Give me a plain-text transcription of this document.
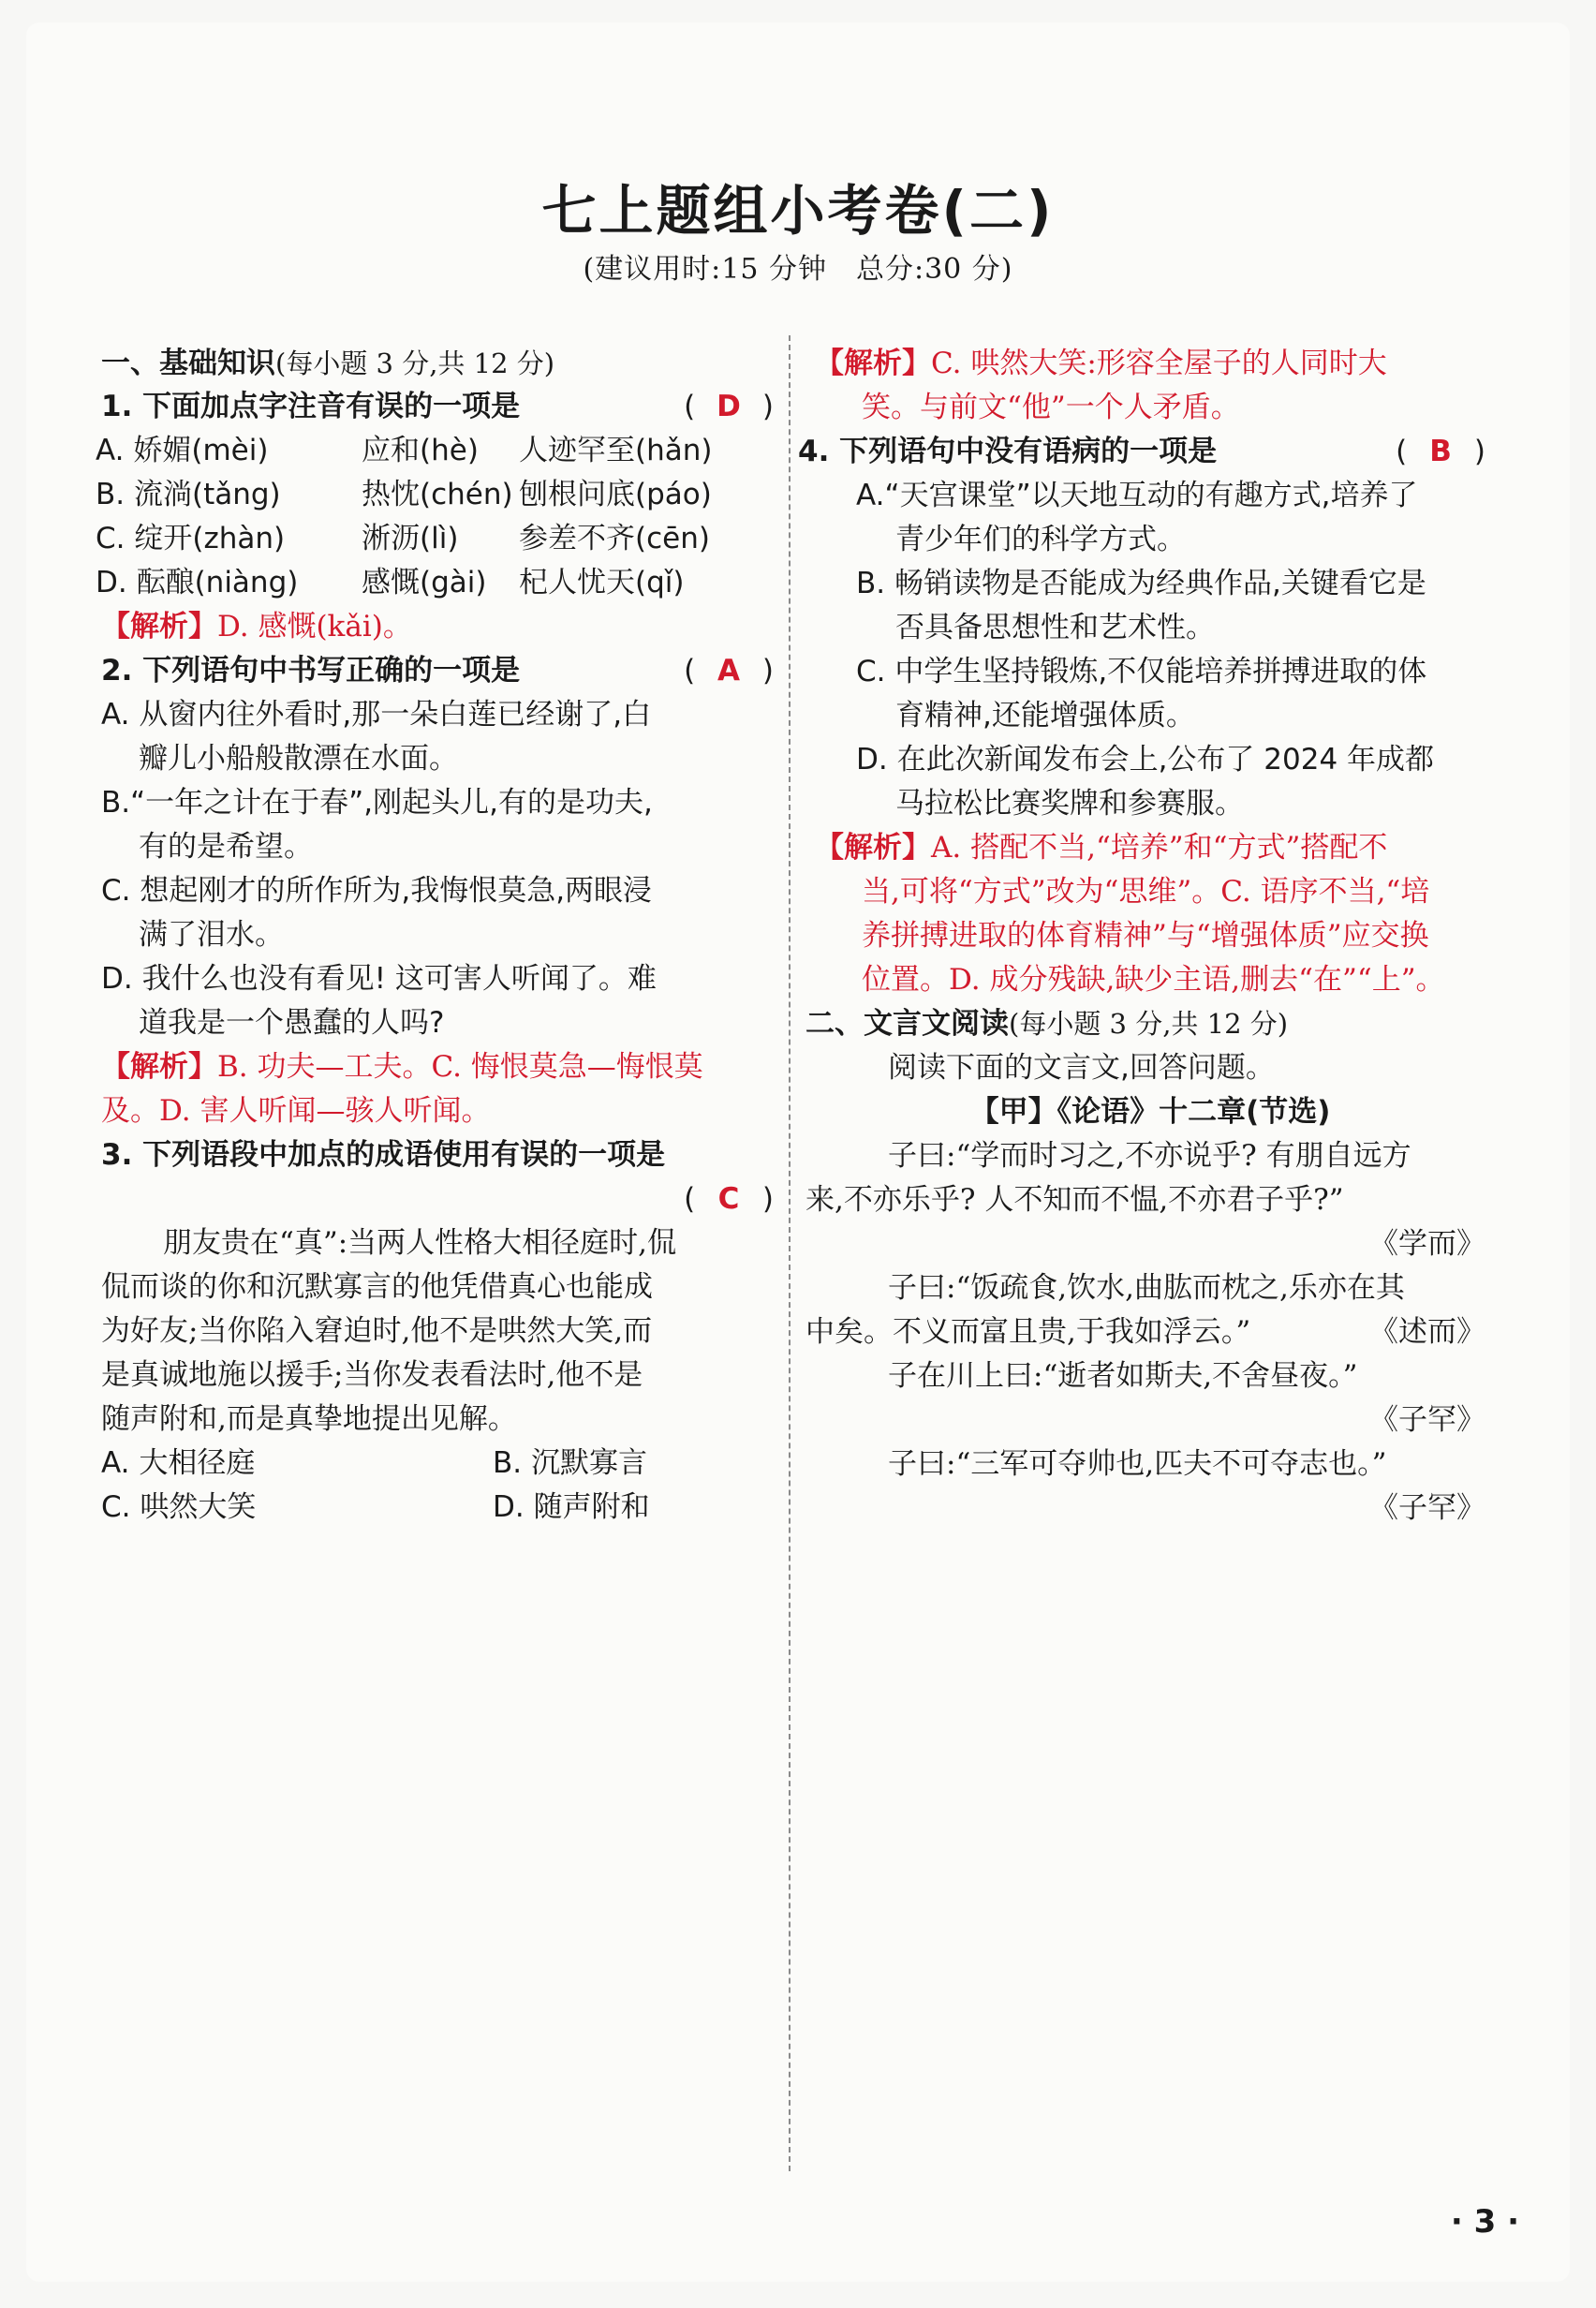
七上题组小考卷(二)
(建议用时:15 分钟　总分:30 分)
一、基础知识(每小题 3 分,共 12 分)
1. 下面加点字注音有误的一项是	( D )
A. 娇媚(mèi)	应和(hè) 人迹罕至(hǎn)
B. 流淌(tǎng)	热忱(chén) 刨根问底(páo)
C. 绽开(zhàn)	淅沥(lì) 参差不齐(cēn)
D. 酝酿(niàng) 感慨(gài) 杞人忧天(qǐ)
【解析】D. 感慨(kǎi)。
2. 下列语句中书写正确的一项是	( A )
A. 从窗内往外看时,那一朵白莲已经谢了,白
瓣儿小船般散漂在水面。
B.“一年之计在于春”,刚起头儿,有的是功夫,
有的是希望。
C. 想起刚才的所作所为,我悔恨莫急,两眼浸
满了泪水。
D. 我什么也没有看见! 这可害人听闻了。难
道我是一个愚蠢的人吗?
【解析】B. 功夫—工夫。C. 悔恨莫急—悔恨莫
及。D. 害人听闻—骇人听闻。
3. 下列语段中加点的成语使用有误的一项是
( C )
朋友贵在“真”:当两人性格大相径庭时,侃
侃而谈的你和沉默寡言的他凭借真心也能成
为好友;当你陷入窘迫时,他不是哄然大笑,而
是真诚地施以援手;当你发表看法时,他不是
随声附和,而是真挚地提出见解。
A. 大相径庭	B. 沉默寡言
C. 哄然大笑	D. 随声附和
【解析】C. 哄然大笑:形容全屋子的人同时大
笑。与前文“他”一个人矛盾。
4. 下列语句中没有语病的一项是	( B )
A.“天宫课堂”以天地互动的有趣方式,培养了
青少年们的科学方式。
B. 畅销读物是否能成为经典作品,关键看它是
否具备思想性和艺术性。
C. 中学生坚持锻炼,不仅能培养拼搏进取的体
育精神,还能增强体质。
D. 在此次新闻发布会上,公布了 2024 年成都
马拉松比赛奖牌和参赛服。
【解析】A. 搭配不当,“培养”和“方式”搭配不
当,可将“方式”改为“思维”。C. 语序不当,“培
养拼搏进取的体育精神”与“增强体质”应交换
位置。D. 成分残缺,缺少主语,删去“在”“上”。
二、文言文阅读(每小题 3 分,共 12 分)
阅读下面的文言文,回答问题。
【甲】《论语》十二章(节选)
子曰:“学而时习之,不亦说乎? 有朋自远方
来,不亦乐乎? 人不知而不愠,不亦君子乎?”
《学而》
子曰:“饭疏食,饮水,曲肱而枕之,乐亦在其
中矣。不义而富且贵,于我如浮云。”	《述而》
子在川上曰:“逝者如斯夫,不舍昼夜。”
《子罕》
子曰:“三军可夺帅也,匹夫不可夺志也。”
《子罕》
· 3 ·
